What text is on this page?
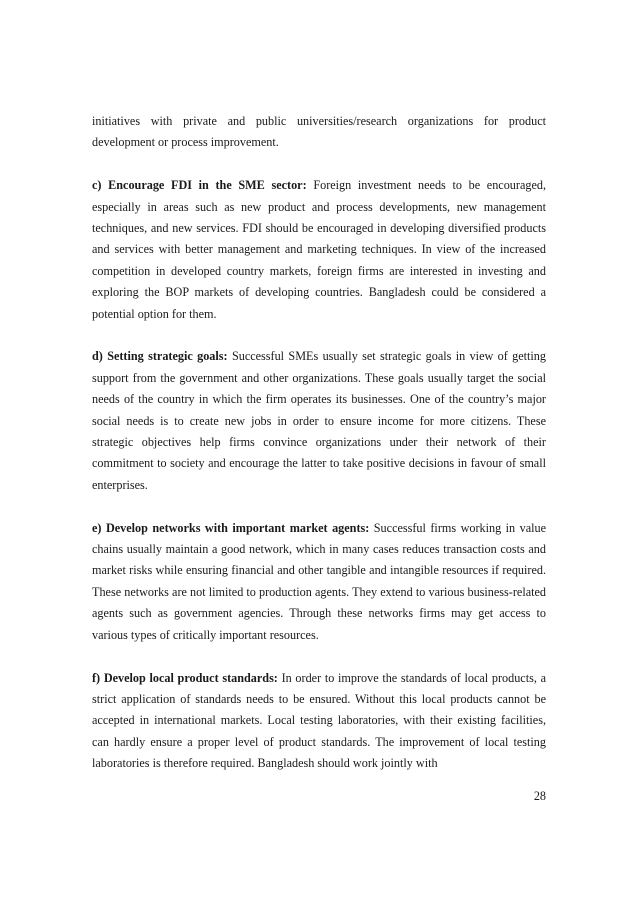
initiatives with private and public universities/research organizations for product development or process improvement.

c) Encourage FDI in the SME sector: Foreign investment needs to be encouraged, especially in areas such as new product and process developments, new management techniques, and new services. FDI should be encouraged in developing diversified products and services with better management and marketing techniques. In view of the increased competition in developed country markets, foreign firms are interested in investing and exploring the BOP markets of developing countries. Bangladesh could be considered a potential option for them.

d) Setting strategic goals: Successful SMEs usually set strategic goals in view of getting support from the government and other organizations. These goals usually target the social needs of the country in which the firm operates its businesses. One of the country’s major social needs is to create new jobs in order to ensure income for more citizens. These strategic objectives help firms convince organizations under their network of their commitment to society and encourage the latter to take positive decisions in favour of small enterprises.

e) Develop networks with important market agents: Successful firms working in value chains usually maintain a good network, which in many cases reduces transaction costs and market risks while ensuring financial and other tangible and intangible resources if required. These networks are not limited to production agents. They extend to various business-related agents such as government agencies. Through these networks firms may get access to various types of critically important resources.

f) Develop local product standards: In order to improve the standards of local products, a strict application of standards needs to be ensured. Without this local products cannot be accepted in international markets. Local testing laboratories, with their existing facilities, can hardly ensure a proper level of product standards. The improvement of local testing laboratories is therefore required. Bangladesh should work jointly with

28
